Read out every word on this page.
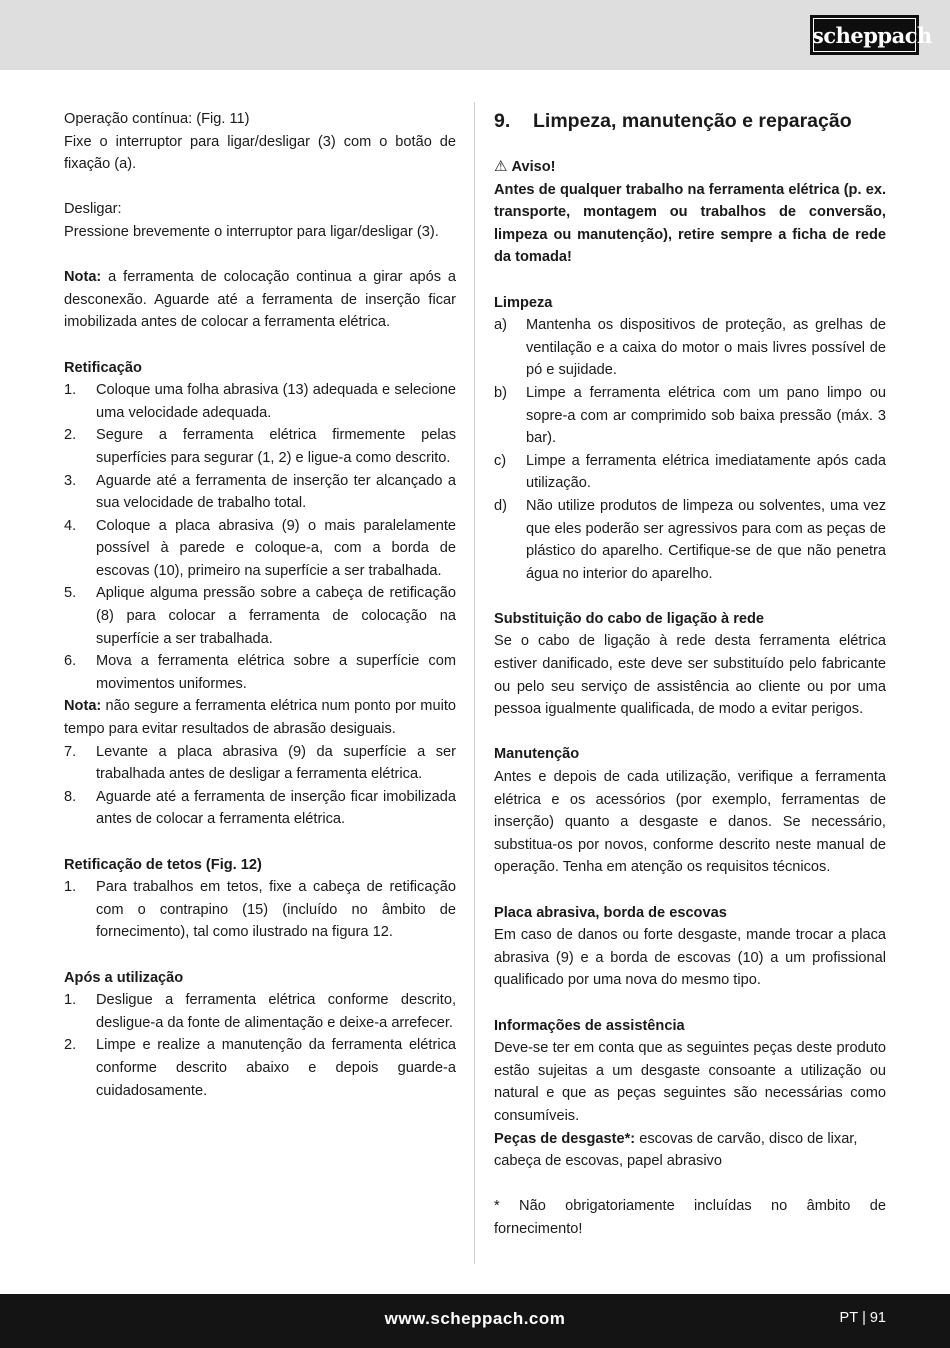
scheppach

Operação contínua: (Fig. 11)

Fixe o interruptor para ligar/desligar (3) com o botão de fixação (a).

Desligar:

Pressione brevemente o interruptor para ligar/desligar (3).

Nota: a ferramenta de colocação continua a girar após a desconexão. Aguarde até a ferramenta de inserção ficar imobilizada antes de colocar a ferramenta elétrica.

Retificação

1. Coloque uma folha abrasiva (13) adequada e selecione uma velocidade adequada.
2. Segure a ferramenta elétrica firmemente pelas superfícies para segurar (1, 2) e ligue-a como descrito.
3. Aguarde até a ferramenta de inserção ter alcançado a sua velocidade de trabalho total.
4. Coloque a placa abrasiva (9) o mais paralelamente possível à parede e coloque-a, com a borda de escovas (10), primeiro na superfície a ser trabalhada.
5. Aplique alguma pressão sobre a cabeça de retificação (8) para colocar a ferramenta de colocação na superfície a ser trabalhada.
6. Mova a ferramenta elétrica sobre a superfície com movimentos uniformes.

Nota: não segure a ferramenta elétrica num ponto por muito tempo para evitar resultados de abrasão desiguais.

7. Levante a placa abrasiva (9) da superfície a ser trabalhada antes de desligar a ferramenta elétrica.
8. Aguarde até a ferramenta de inserção ficar imobilizada antes de colocar a ferramenta elétrica.

Retificação de tetos (Fig. 12)

1. Para trabalhos em tetos, fixe a cabeça de retificação com o contrapino (15) (incluído no âmbito de fornecimento), tal como ilustrado na figura 12.

Após a utilização

1. Desligue a ferramenta elétrica conforme descrito, desligue-a da fonte de alimentação e deixe-a arrefecer.
2. Limpe e realize a manutenção da ferramenta elétrica conforme descrito abaixo e depois guarde-a cuidadosamente.
9.	Limpeza, manutenção e reparação

⚠ Aviso!

Antes de qualquer trabalho na ferramenta elétrica (p. ex. transporte, montagem ou trabalhos de conversão, limpeza ou manutenção), retire sempre a ficha de rede da tomada!

Limpeza

a) Mantenha os dispositivos de proteção, as grelhas de ventilação e a caixa do motor o mais livres possível de pó e sujidade.
b) Limpe a ferramenta elétrica com um pano limpo ou sopre-a com ar comprimido sob baixa pressão (máx. 3 bar).
c) Limpe a ferramenta elétrica imediatamente após cada utilização.
d) Não utilize produtos de limpeza ou solventes, uma vez que eles poderão ser agressivos para com as peças de plástico do aparelho. Certifique-se de que não penetra água no interior do aparelho.

Substituição do cabo de ligação à rede

Se o cabo de ligação à rede desta ferramenta elétrica estiver danificado, este deve ser substituído pelo fabricante ou pelo seu serviço de assistência ao cliente ou por uma pessoa igualmente qualificada, de modo a evitar perigos.

Manutenção

Antes e depois de cada utilização, verifique a ferramenta elétrica e os acessórios (por exemplo, ferramentas de inserção) quanto a desgaste e danos. Se necessário, substitua-os por novos, conforme descrito neste manual de operação. Tenha em atenção os requisitos técnicos.

Placa abrasiva, borda de escovas

Em caso de danos ou forte desgaste, mande trocar a placa abrasiva (9) e a borda de escovas (10) a um profissional qualificado por uma nova do mesmo tipo.

Informações de assistência

Deve-se ter em conta que as seguintes peças deste produto estão sujeitas a um desgaste consoante a utilização ou natural e que as peças seguintes são necessárias como consumíveis.

Peças de desgaste*: escovas de carvão, disco de lixar, cabeça de escovas, papel abrasivo

* Não obrigatoriamente incluídas no âmbito de fornecimento!

www.scheppach.com	PT | 91
